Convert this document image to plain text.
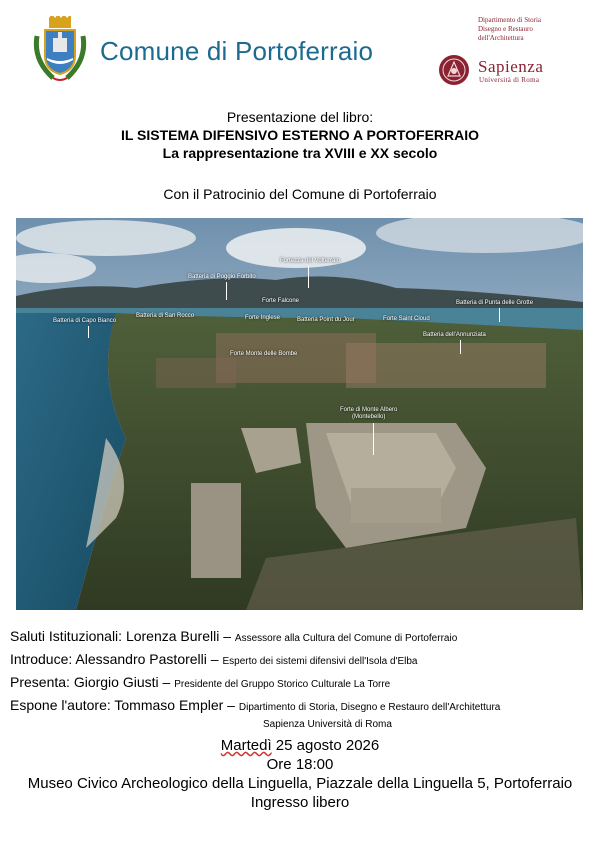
Comune di Portoferraio
Dipartimento di Storia
Disegno e Restauro
dell'Architettura
Sapienza
Università di Roma
Presentazione del libro:
IL SISTEMA DIFENSIVO ESTERNO A PORTOFERRAIO
La rappresentazione tra XVIII e XX secolo
Con il Patrocinio del Comune di Portoferraio
Fortezza del Volterraio
Batteria di Poggio Forbito
Forte Falcone	Batteria di Punta delle Grotte
Batteria di Capo Bianco
Batteria di San Rocco	Forte Inglese	Batteria Point du Jour	Forte Saint Cloud
Batteria dell'Annunziata
Forte Monte delle Bombe
Forte di Monte Albero
(Montebello)
Saluti Istituzionali: Lorenza Burelli – Assessore alla Cultura del Comune di Portoferraio
Introduce: Alessandro Pastorelli – Esperto dei sistemi difensivi dell'Isola d'Elba
Presenta: Giorgio Giusti – Presidente del Gruppo Storico Culturale La Torre
Espone l'autore: Tommaso Empler – Dipartimento di Storia, Disegno e Restauro dell'Architettura
Sapienza Università di Roma
Martedì 25 agosto 2026
Ore 18:00
Museo Civico Archeologico della Linguella, Piazzale della Linguella 5, Portoferraio
Ingresso libero
